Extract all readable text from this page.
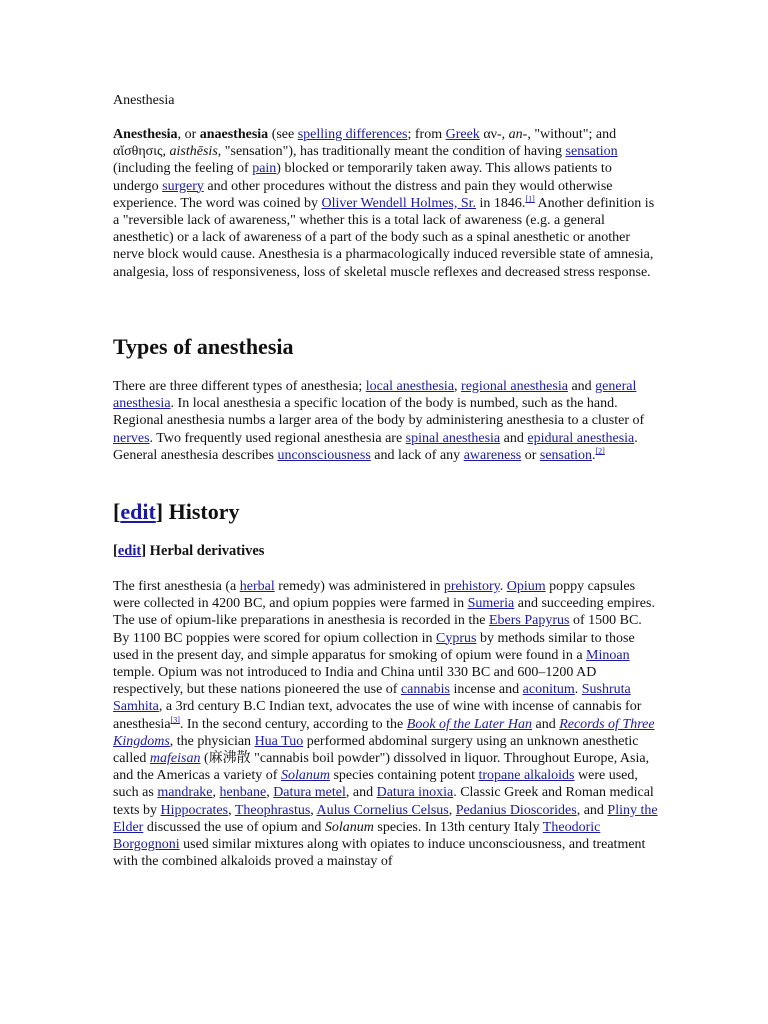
Anesthesia

Anesthesia, or anaesthesia (see spelling differences; from Greek αν-, an-, "without"; and αἴσθησις, aisthēsis, "sensation"), has traditionally meant the condition of having sensation (including the feeling of pain) blocked or temporarily taken away. This allows patients to undergo surgery and other procedures without the distress and pain they would otherwise experience. The word was coined by Oliver Wendell Holmes, Sr. in 1846.[1] Another definition is a "reversible lack of awareness," whether this is a total lack of awareness (e.g. a general anesthetic) or a lack of awareness of a part of the body such as a spinal anesthetic or another nerve block would cause. Anesthesia is a pharmacologically induced reversible state of amnesia, analgesia, loss of responsiveness, loss of skeletal muscle reflexes and decreased stress response.

Types of anesthesia

There are three different types of anesthesia; local anesthesia, regional anesthesia and general anesthesia. In local anesthesia a specific location of the body is numbed, such as the hand. Regional anesthesia numbs a larger area of the body by administering anesthesia to a cluster of nerves. Two frequently used regional anesthesia are spinal anesthesia and epidural anesthesia. General anesthesia describes unconsciousness and lack of any awareness or sensation.[2]

[edit] History
[edit] Herbal derivatives

The first anesthesia (a herbal remedy) was administered in prehistory. Opium poppy capsules were collected in 4200 BC, and opium poppies were farmed in Sumeria and succeeding empires. The use of opium-like preparations in anesthesia is recorded in the Ebers Papyrus of 1500 BC. By 1100 BC poppies were scored for opium collection in Cyprus by methods similar to those used in the present day, and simple apparatus for smoking of opium were found in a Minoan temple. Opium was not introduced to India and China until 330 BC and 600–1200 AD respectively, but these nations pioneered the use of cannabis incense and aconitum. Sushruta Samhita, a 3rd century B.C Indian text, advocates the use of wine with incense of cannabis for anesthesia[3]. In the second century, according to the Book of the Later Han and Records of Three Kingdoms, the physician Hua Tuo performed abdominal surgery using an unknown anesthetic called mafeisan (麻沸散 "cannabis boil powder") dissolved in liquor. Throughout Europe, Asia, and the Americas a variety of Solanum species containing potent tropane alkaloids were used, such as mandrake, henbane, Datura metel, and Datura inoxia. Classic Greek and Roman medical texts by Hippocrates, Theophrastus, Aulus Cornelius Celsus, Pedanius Dioscorides, and Pliny the Elder discussed the use of opium and Solanum species. In 13th century Italy Theodoric Borgognoni used similar mixtures along with opiates to induce unconsciousness, and treatment with the combined alkaloids proved a mainstay of
